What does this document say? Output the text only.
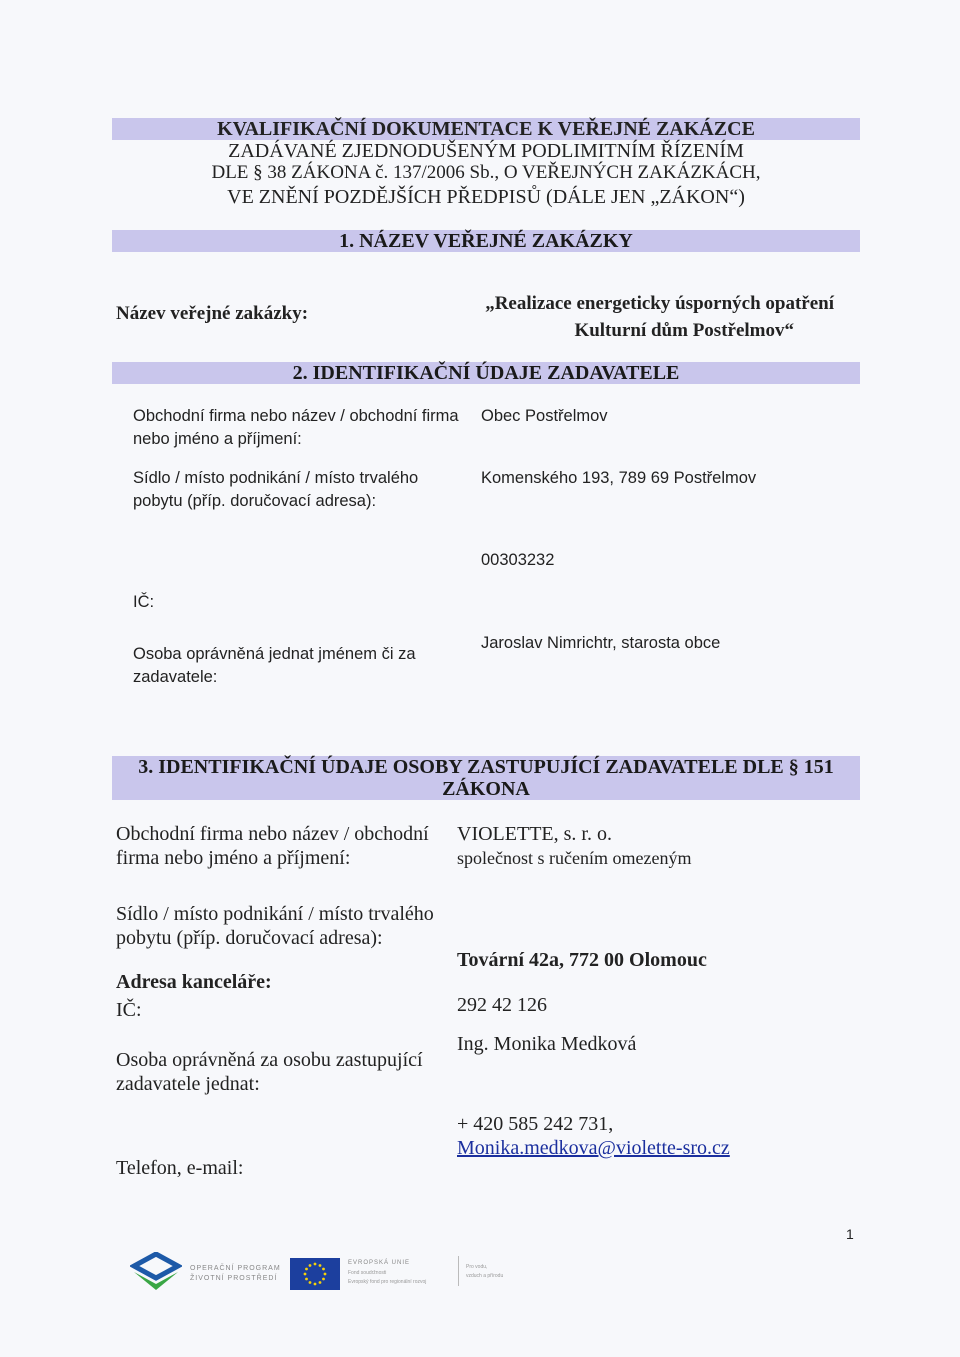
KVALIFIKAČNÍ DOKUMENTACE K VEŘEJNÉ ZAKÁZCE
ZADÁVANÉ ZJEDNODUŠENÝM PODLIMITNÍM ŘÍZENÍM
DLE § 38 ZÁKONA č. 137/2006 Sb., O VEŘEJNÝCH ZAKÁZKÁCH,
VE ZNĚNÍ POZDĚJŠÍCH PŘEDPISŮ (DÁLE JEN „ZÁKON“)
1. NÁZEV VEŘEJNÉ ZAKÁZKY
Název veřejné zakázky:	„Realizace energeticky úsporných opatření
Kulturní dům Postřelmov“
2. IDENTIFIKAČNÍ ÚDAJE ZADAVATELE
Obchodní firma nebo název / obchodní firma
nebo jméno a příjmení:
Obec Postřelmov
Sídlo / místo podnikání / místo trvalého
pobytu (příp. doručovací adresa):
Komenského 193, 789 69 Postřelmov
00303232
IČ:
Osoba oprávněná jednat jménem či za
zadavatele:
Jaroslav Nimrichtr, starosta obce
3. IDENTIFIKAČNÍ ÚDAJE OSOBY ZASTUPUJÍCÍ ZADAVATELE DLE § 151
ZÁKONA
Obchodní firma nebo název / obchodní
firma nebo jméno a příjmení:
VIOLETTE, s. r. o.
společnost s ručením omezeným
Sídlo / místo podnikání / místo trvalého
pobytu (příp. doručovací adresa):
Tovární 42a, 772 00 Olomouc
Adresa kanceláře:
292 42 126
IČ:
Ing. Monika Medková
Osoba oprávněná za osobu zastupující
zadavatele jednat:
+ 420 585 242 731,
Monika.medkova@violette-sro.cz
Telefon, e-mail:
1
OPERAČNÍ PROGRAM
ŽIVOTNÍ PROSTŘEDÍ
EVROPSKÁ UNIE
Fond soudržnosti
Evropský fond pro regionální rozvoj
Pro vodu,
vzduch a přírodu
